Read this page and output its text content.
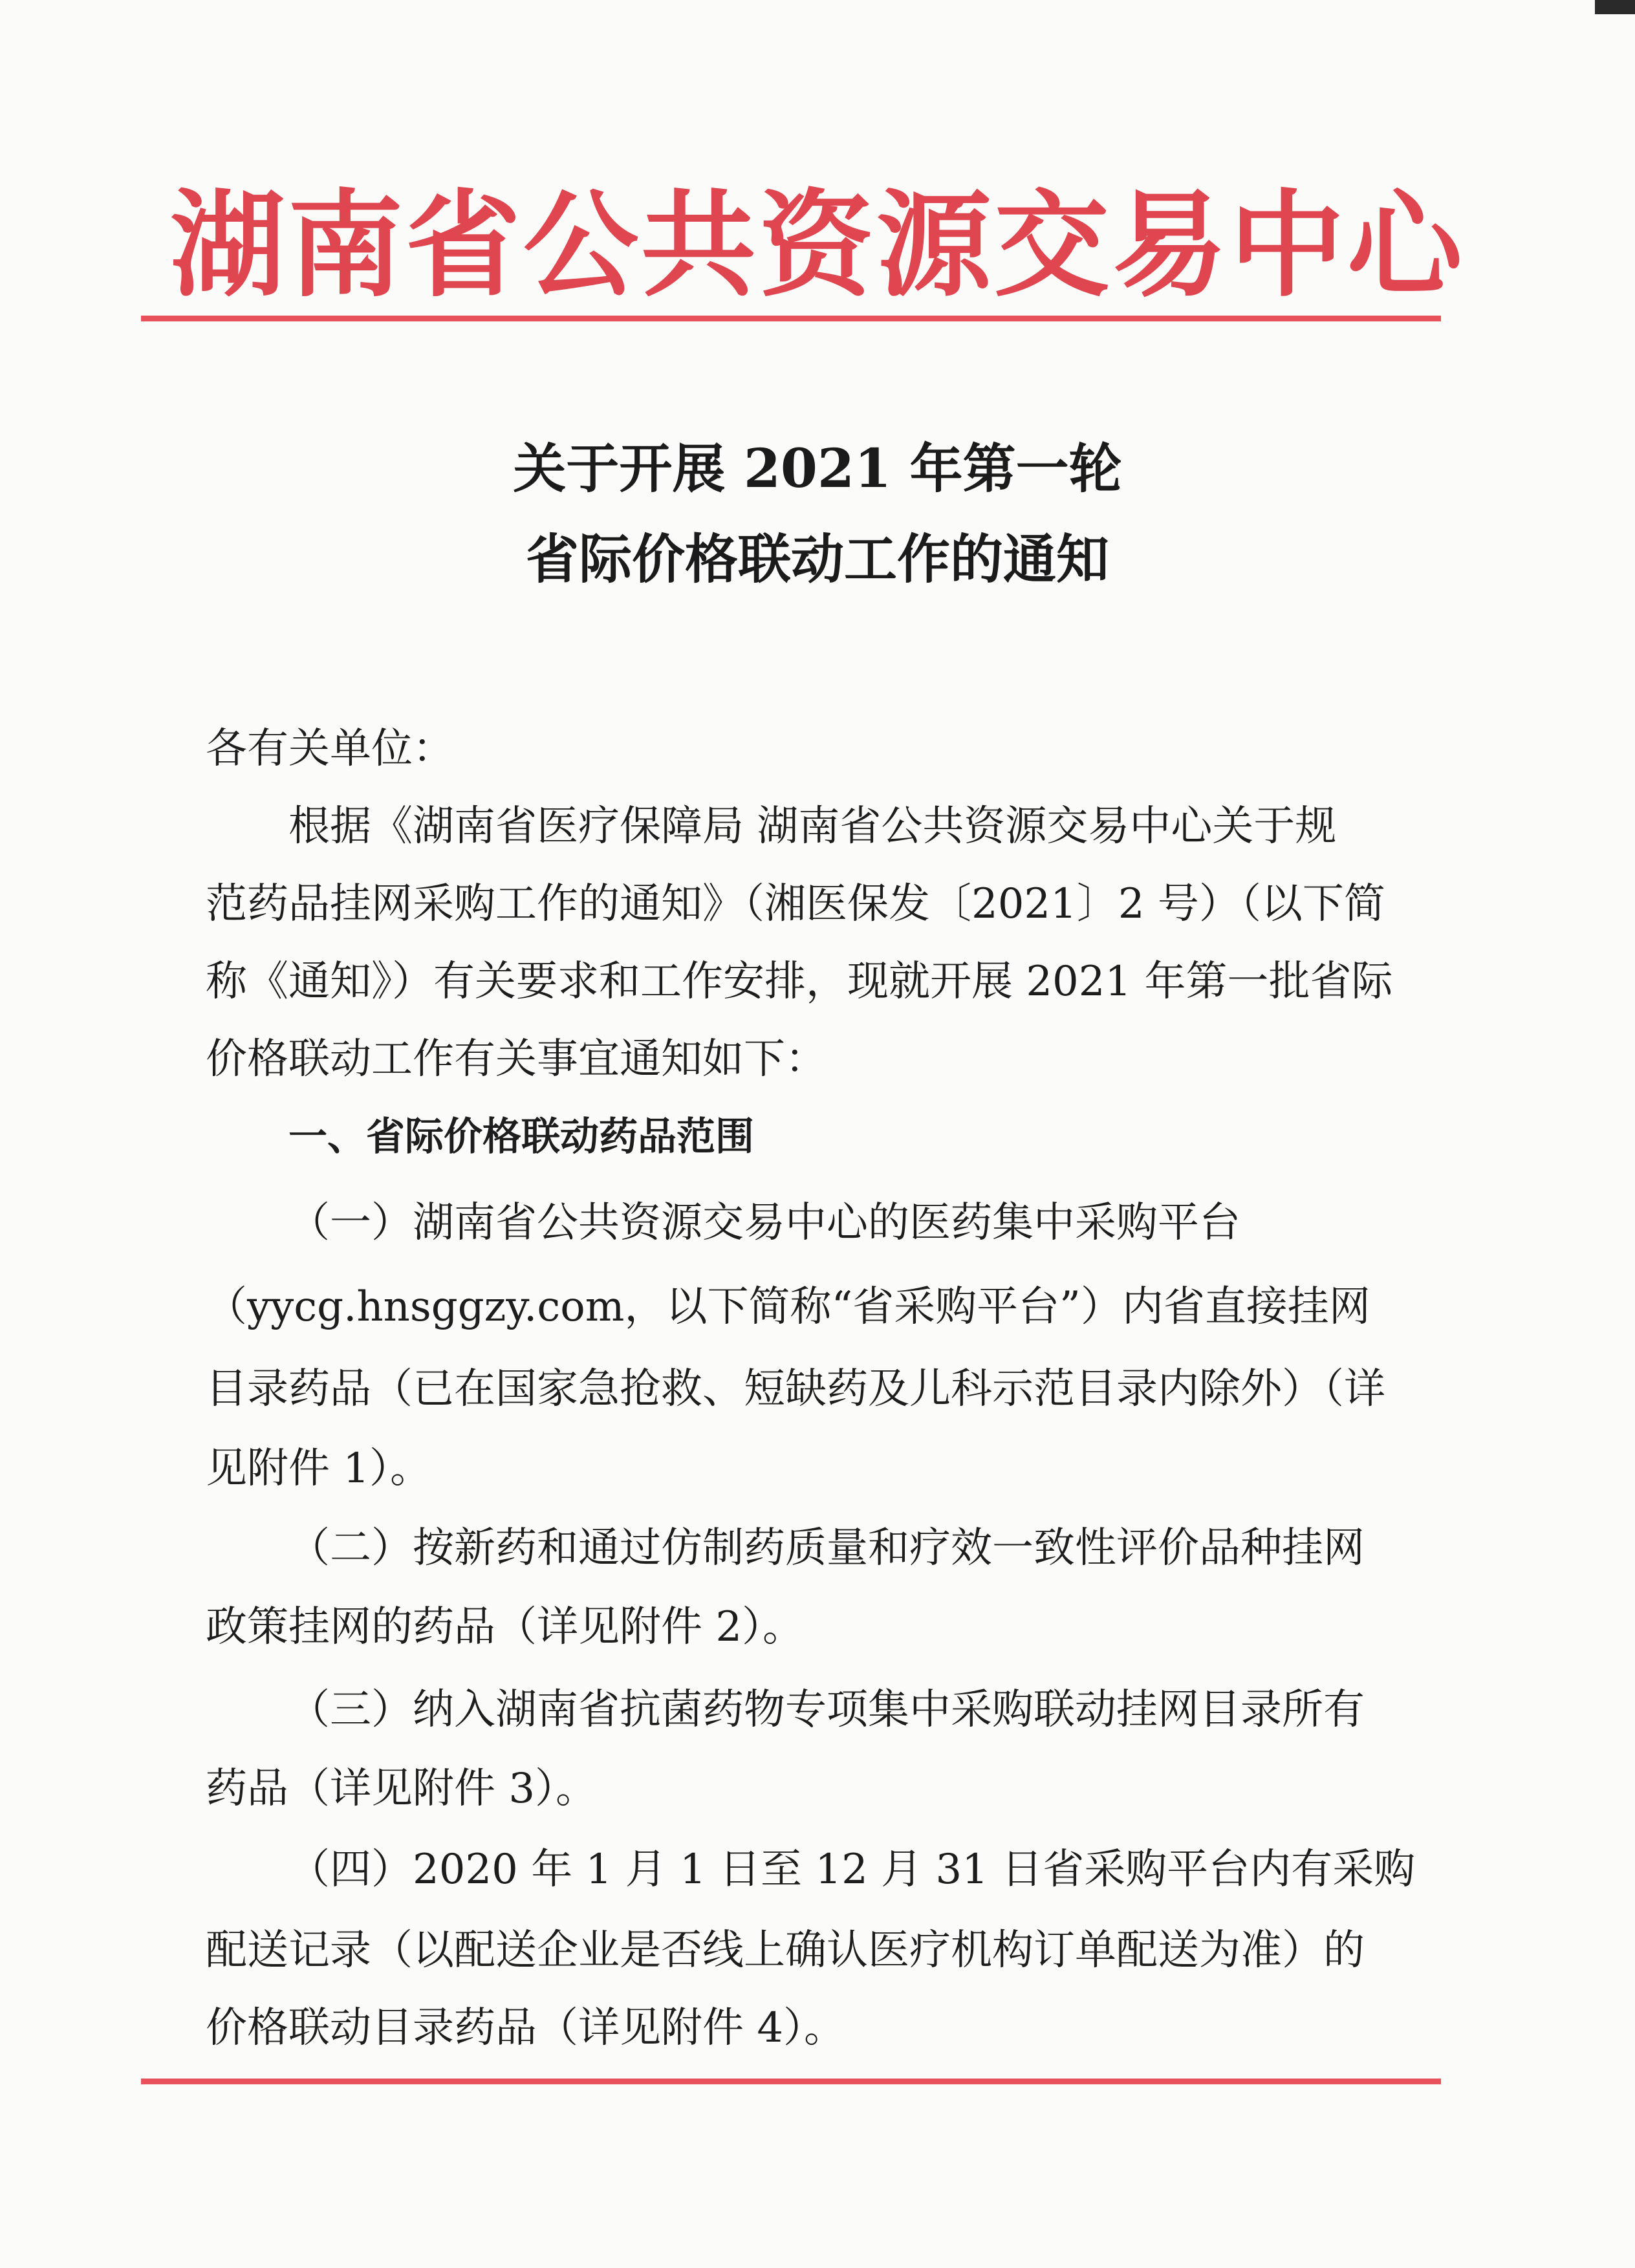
湖南省公共资源交易中心
关于开展 2021 年第一轮
省际价格联动工作的通知
各有关单位：
根据《湖南省医疗保障局 湖南省公共资源交易中心关于规
范药品挂网采购工作的通知》（湘医保发〔2021〕2 号）（以下简
称《通知》）有关要求和工作安排，现就开展 2021 年第一批省际
价格联动工作有关事宜通知如下：
一、省际价格联动药品范围
（一）湖南省公共资源交易中心的医药集中采购平台
（yycg.hnsggzy.com，以下简称“省采购平台”）内省直接挂网
目录药品（已在国家急抢救、短缺药及儿科示范目录内除外）（详
见附件 1）。
（二）按新药和通过仿制药质量和疗效一致性评价品种挂网
政策挂网的药品（详见附件 2）。
（三）纳入湖南省抗菌药物专项集中采购联动挂网目录所有
药品（详见附件 3）。
（四）2020 年 1 月 1 日至 12 月 31 日省采购平台内有采购
配送记录（以配送企业是否线上确认医疗机构订单配送为准）的
价格联动目录药品（详见附件 4）。
